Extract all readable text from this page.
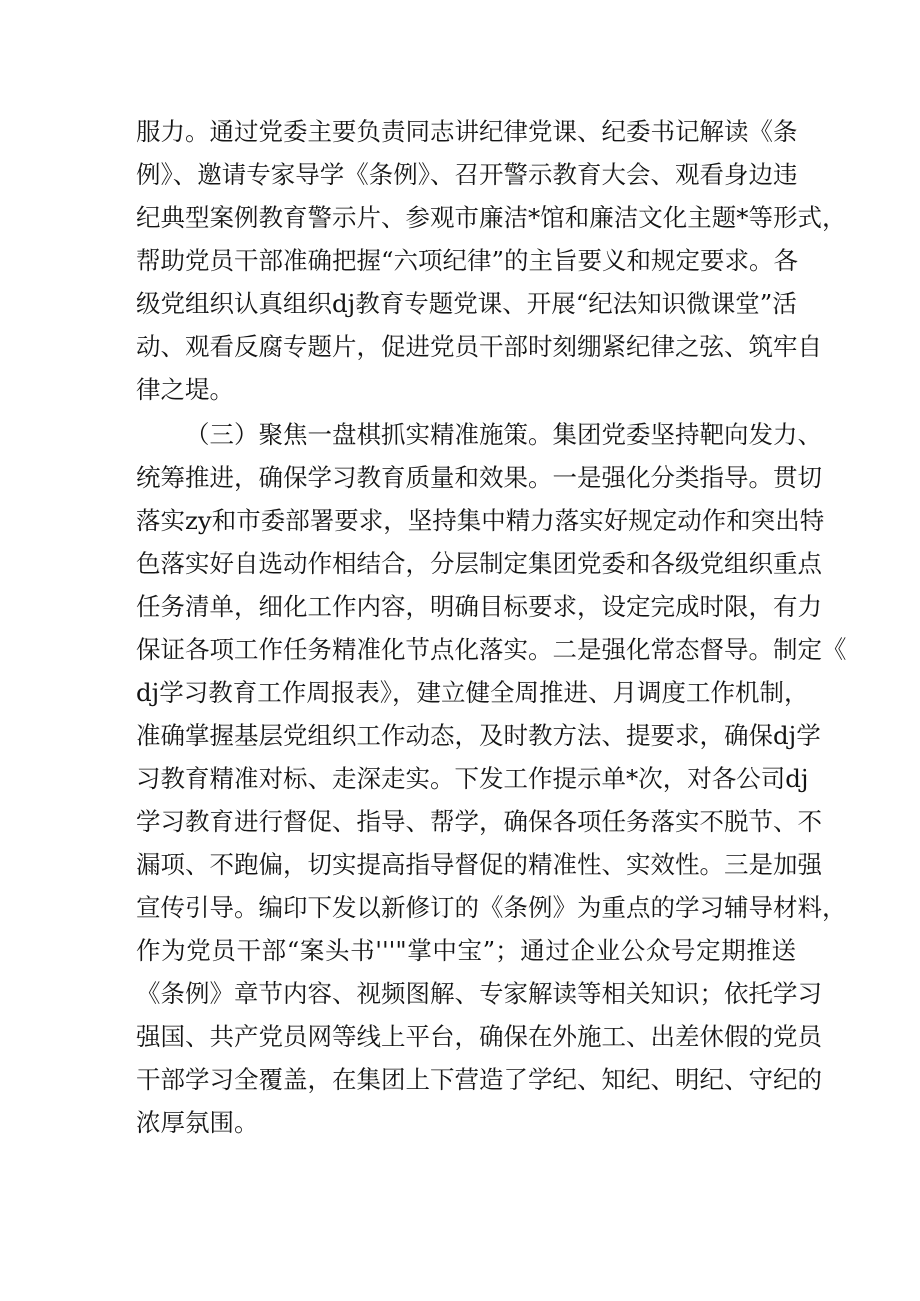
服力。通过党委主要负责同志讲纪律党课、纪委书记解读《条
例》、邀请专家导学《条例》、召开警示教育大会、观看身边违
纪典型案例教育警示片、参观市廉洁*馆和廉洁文化主题*等形式，
帮助党员干部准确把握“六项纪律”的主旨要义和规定要求。各
级党组织认真组织dj教育专题党课、开展“纪法知识微课堂”活
动、观看反腐专题片，促进党员干部时刻绷紧纪律之弦、筑牢自
律之堤。
（三）聚焦一盘棋抓实精准施策。集团党委坚持靶向发力、
统筹推进，确保学习教育质量和效果。一是强化分类指导。贯切
落实zy和市委部署要求，坚持集中精力落实好规定动作和突出特
色落实好自选动作相结合，分层制定集团党委和各级党组织重点
任务清单，细化工作内容，明确目标要求，设定完成时限，有力
保证各项工作任务精准化节点化落实。二是强化常态督导。制定《
dj学习教育工作周报表》，建立健全周推进、月调度工作机制，
准确掌握基层党组织工作动态，及时教方法、提要求，确保dj学
习教育精准对标、走深走实。下发工作提示单*次，对各公司dj
学习教育进行督促、指导、帮学，确保各项任务落实不脱节、不
漏项、不跑偏，切实提高指导督促的精准性、实效性。三是加强
宣传引导。编印下发以新修订的《条例》为重点的学习辅导材料，
作为党员干部“案头书'''"掌中宝”；通过企业公众号定期推送
《条例》章节内容、视频图解、专家解读等相关知识；依托学习
强国、共产党员网等线上平台，确保在外施工、出差休假的党员
干部学习全覆盖，在集团上下营造了学纪、知纪、明纪、守纪的
浓厚氛围。
